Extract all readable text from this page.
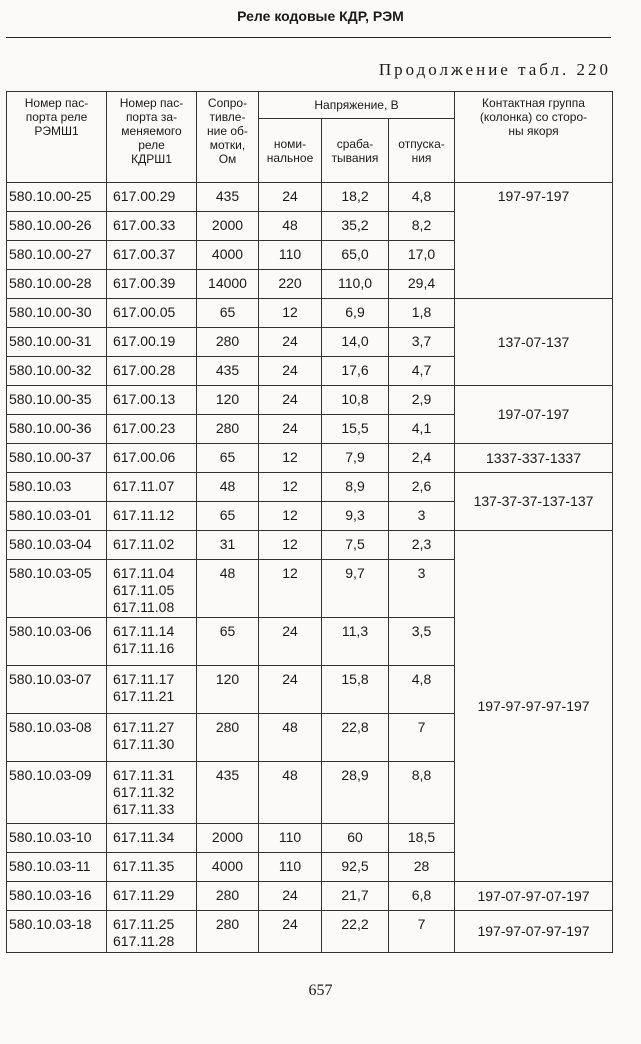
Реле кодовые КДР, РЭМ
Продолжение табл. 220
Номер пас-
порта реле
РЭМШ1	Номер пас-
порта за-
меняемого
реле
КДРШ1	Сопро-
тивле-
ние об-
мотки,
Ом	Напряжение, В			Контактная группа
(колонка) со сторо-
ны якоря
			номи-
нальное	сраба-
тывания	отпуска-
ния	
580.10.00-25	617.00.29	435	24	18,2	4,8	197-97-197
580.10.00-26	617.00.33	2000	48	35,2	8,2	
580.10.00-27	617.00.37	4000	110	65,0	17,0	
580.10.00-28	617.00.39	14000	220	110,0	29,4	
580.10.00-30	617.00.05	65	12	6,9	1,8	137-07-137
580.10.00-31	617.00.19	280	24	14,0	3,7	
580.10.00-32	617.00.28	435	24	17,6	4,7	
580.10.00-35	617.00.13	120	24	10,8	2,9	197-07-197
580.10.00-36	617.00.23	280	24	15,5	4,1	
580.10.00-37	617.00.06	65	12	7,9	2,4	1337-337-1337
580.10.03	617.11.07	48	12	8,9	2,6	137-37-37-137-137
580.10.03-01	617.11.12	65	12	9,3	3	
580.10.03-04	617.11.02	31	12	7,5	2,3	197-97-97-97-197
580.10.03-05	617.11.04
617.11.05
617.11.08	48	12	9,7	3	
580.10.03-06	617.11.14
617.11.16	65	24	11,3	3,5	
580.10.03-07	617.11.17
617.11.21	120	24	15,8	4,8	
580.10.03-08	617.11.27
617.11.30	280	48	22,8	7	
580.10.03-09	617.11.31
617.11.32
617.11.33	435	48	28,9	8,8	
580.10.03-10	617.11.34	2000	110	60	18,5	
580.10.03-11	617.11.35	4000	110	92,5	28	
580.10.03-16	617.11.29	280	24	21,7	6,8	197-07-97-07-197
580.10.03-18	617.11.25
617.11.28	280	24	22,2	7	197-97-07-97-197
657
